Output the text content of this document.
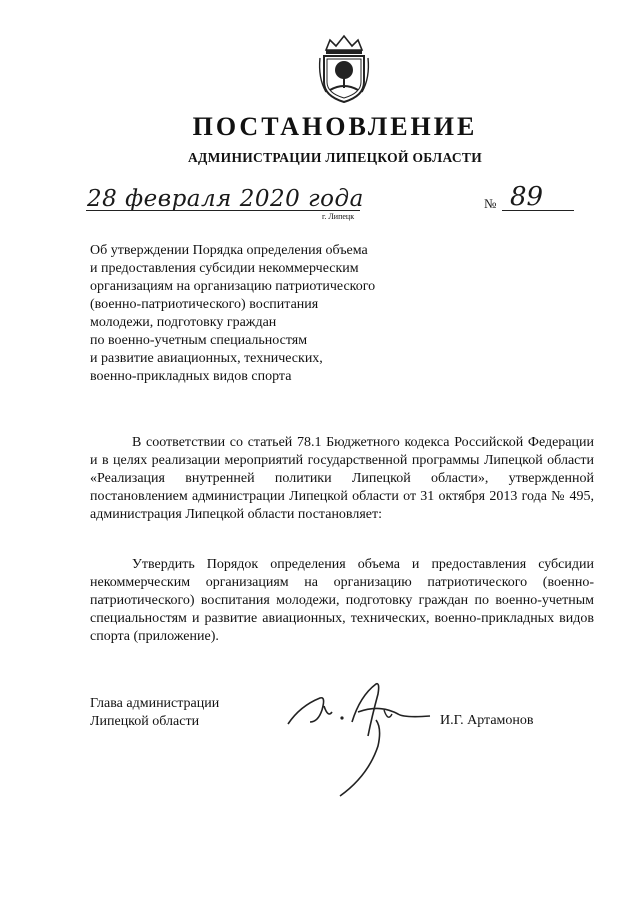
ПОСТАНОВЛЕНИЕ
АДМИНИСТРАЦИИ ЛИПЕЦКОЙ ОБЛАСТИ
28 февраля 2020 года
г. Липецк
№ 89
Об утверждении Порядка определения объема
и предоставления субсидии некоммерческим
организациям на организацию патриотического
(военно-патриотического) воспитания
молодежи, подготовку граждан
по военно-учетным специальностям
и развитие авиационных, технических,
военно-прикладных видов спорта
В соответствии со статьей 78.1 Бюджетного кодекса Российской Федерации и в целях реализации мероприятий государственной программы Липецкой области «Реализация внутренней политики Липецкой области», утвержденной постановлением администрации Липецкой области от 31 октября 2013 года № 495, администрация Липецкой области постановляет:
Утвердить Порядок определения объема и предоставления субсидии некоммерческим организациям на организацию патриотического (военно-патриотического) воспитания молодежи, подготовку граждан по военно-учетным специальностям и развитие авиационных, технических, военно-прикладных видов спорта (приложение).
Глава администрации
Липецкой области	И.Г. Артамонов
